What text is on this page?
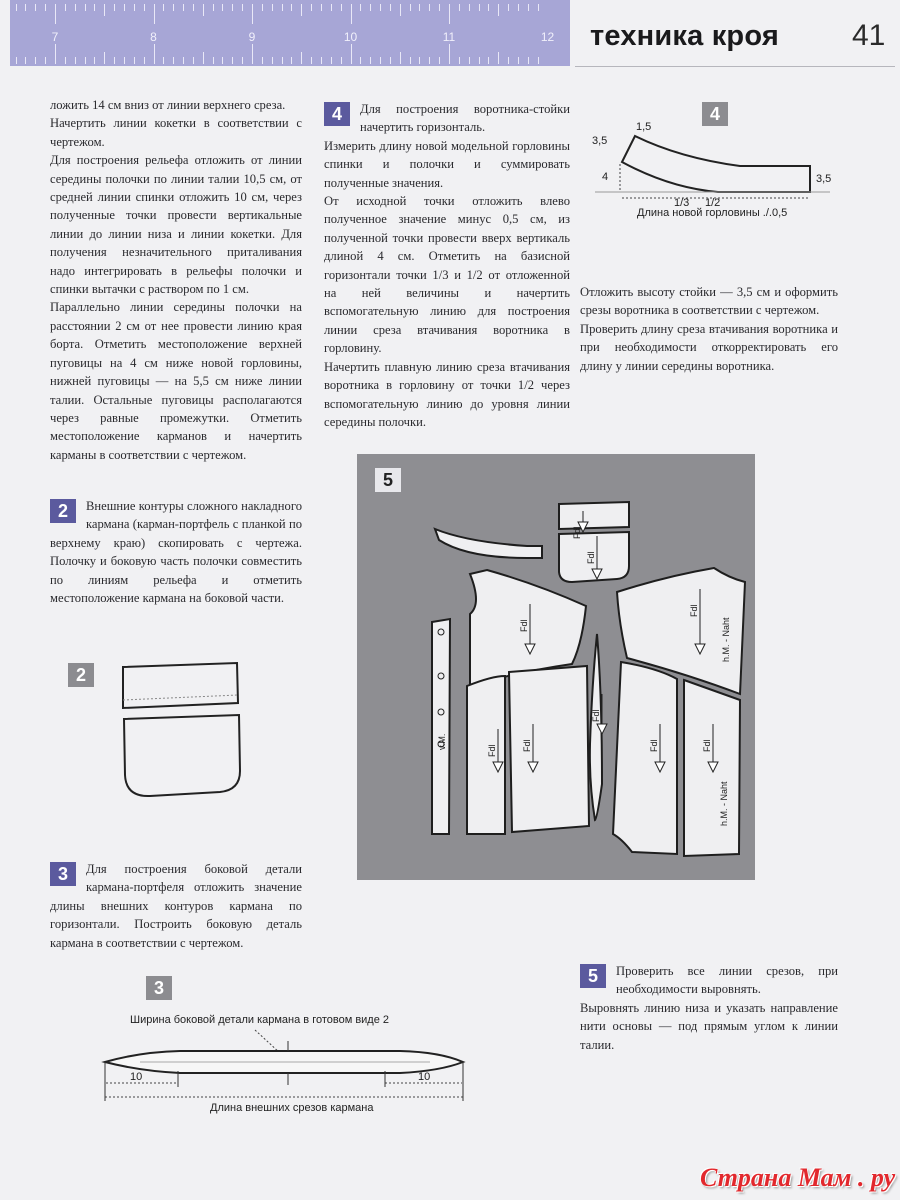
7	8	9	10	11	12 техника кроя 41

ложить 14 см вниз от линии верхнего среза.

Начертить линии кокетки в соответствии с чертежом.

Для построения рельефа отложить от линии середины полочки по линии талии 10,5 см, от средней линии спинки отложить 10 см, через полученные точки провести вертикальные линии до линии низа и линии кокетки. Для получения незначительного приталивания надо интегрировать в рельефы полочки и спинки вытачки с раствором по 1 см.

Параллельно линии середины полочки на расстоянии 2 см от нее провести линию края борта. Отметить местоположение верхней пуговицы на 4 см ниже новой горловины, нижней пуговицы — на 5,5 см ниже линии талии. Остальные пуговицы располагаются через равные промежутки. Отметить местоположение карманов и начертить карманы в соответствии с чертежом.

2	Внешние контуры сложного накладного кармана (карман-портфель с планкой по верхнему краю) скопировать с чертежа. Полочку и боковую часть полочки совместить по линиям рельефа и отметить местоположение кармана на боковой части.

2
3	Для построения боковой детали кармана-портфеля отложить значение длины внешних контуров кармана по горизонтали. Построить боковую деталь кармана в соответствии с чертежом.

3
Ширина боковой детали кармана в готовом виде 2
10	10
Длина внешних срезов кармана
4	Для построения воротника-стойки начертить горизонталь.

Измерить длину новой модельной горловины спинки и полочки и суммировать полученные значения.

От исходной точки отложить влево полученное значение минус 0,5 см, из полученной точки провести вверх вертикаль длиной 4 см. Отметить на базисной горизонтали точки 1/3 и 1/2 от отложенной на ней величины и начертить вспомогательную линию для построения линии среза втачивания воротника в горловину.

Начертить плавную линию среза втачивания воротника в горловину от точки 1/2 через вспомогательную линию до уровня линии середины полочки.

4
3,5
1,5
4	3,5
1/3 1/2
Длина новой горловины ./.0,5

Отложить высоту стойки — 3,5 см и оформить срезы воротника в соответствии с чертежом.

Проверить длину среза втачивания воротника и при необходимости откорректировать его длину у линии середины воротника.

5
Fdl
Fdl
Fdl
Fdl
Fdl	Fdl
Fdl
Fdl	Fdl
v.M.
h.M. - Naht
h.M. - Naht
5	Проверить все линии срезов, при необходимости выровнять.

Выровнять линию низа и указать направление нити основы — под прямым углом к линии талии.

Страна Мам . ру
